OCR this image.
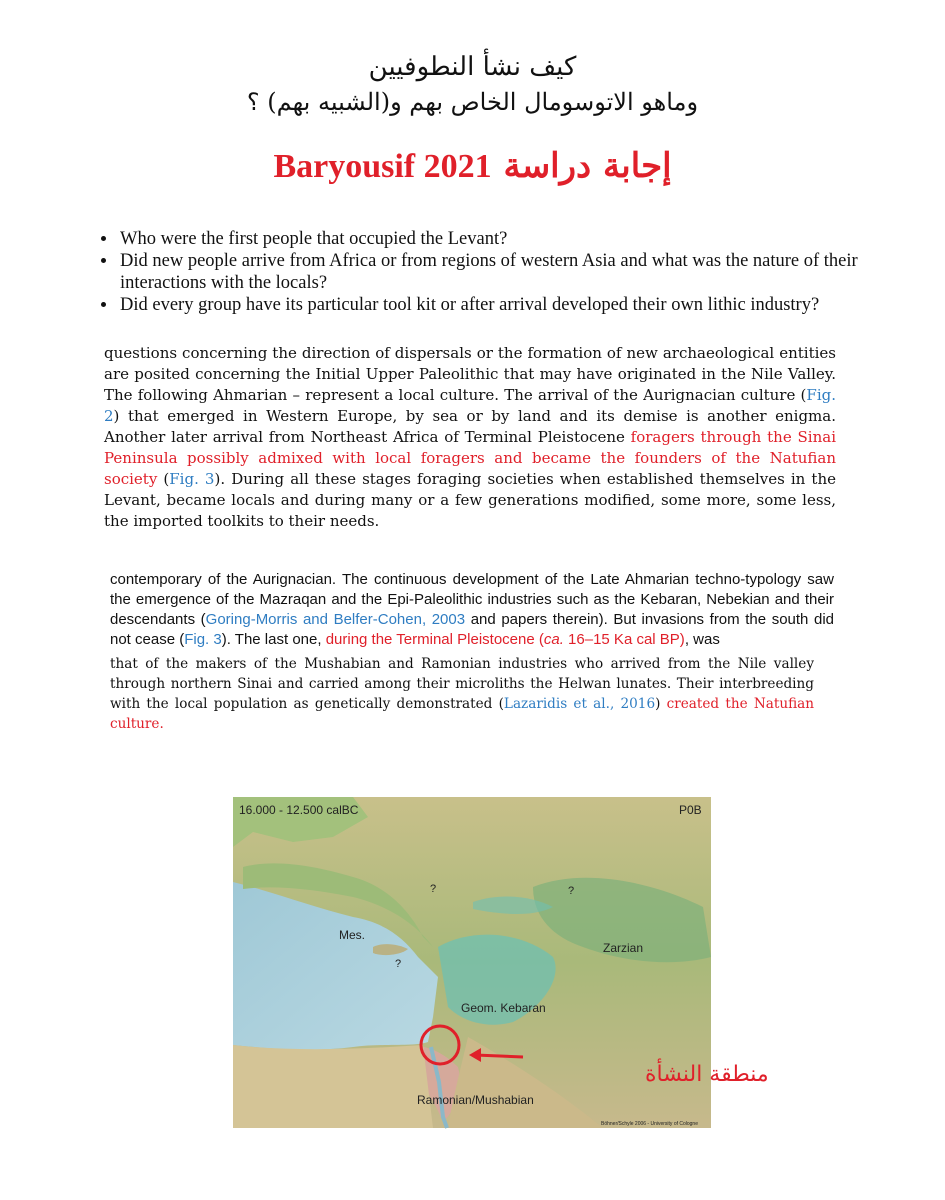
كيف نشأ النطوفيين
وماهو الاتوسومال الخاص بهم و(الشبيه بهم) ؟
Baryousif 2021 إجابة دراسة
• Who were the first people that occupied the Levant?
• Did new people arrive from Africa or from regions of western Asia and what was the nature of their interactions with the locals?
• Did every group have its particular tool kit or after arrival developed their own lithic industry?

questions concerning the direction of dispersals or the formation of new archaeological entities are posited concerning the Initial Upper Paleolithic that may have originated in the Nile Valley. The following Ahmarian – represent a local culture. The arrival of the Aurignacian culture (Fig. 2) that emerged in Western Europe, by sea or by land and its demise is another enigma. Another later arrival from Northeast Africa of Terminal Pleistocene foragers through the Sinai Peninsula possibly admixed with local foragers and became the founders of the Natufian society (Fig. 3). During all these stages foraging societies when established themselves in the Levant, became locals and during many or a few generations modified, some more, some less, the imported toolkits to their needs.

contemporary of the Aurignacian. The continuous development of the Late Ahmarian techno-typology saw the emergence of the Mazraqan and the Epi-Paleolithic industries such as the Kebaran, Nebekian and their descendants (Goring-Morris and Belfer-Cohen, 2003 and papers therein). But invasions from the south did not cease (Fig. 3). The last one, during the Terminal Pleistocene (ca. 16–15 Ka cal BP), was

that of the makers of the Mushabian and Ramonian industries who arrived from the Nile valley through northern Sinai and carried among their microliths the Helwan lunates. Their interbreeding with the local population as genetically demonstrated (Lazaridis et al., 2016) created the Natufian culture.

16.000 - 12.500 calBC	P0B
Mes.
Zarzian
Geom. Kebaran
Ramonian/Mushabian
?	?
?
Böhner/Schyle 2006 - University of Cologne
منطقة النشأة
